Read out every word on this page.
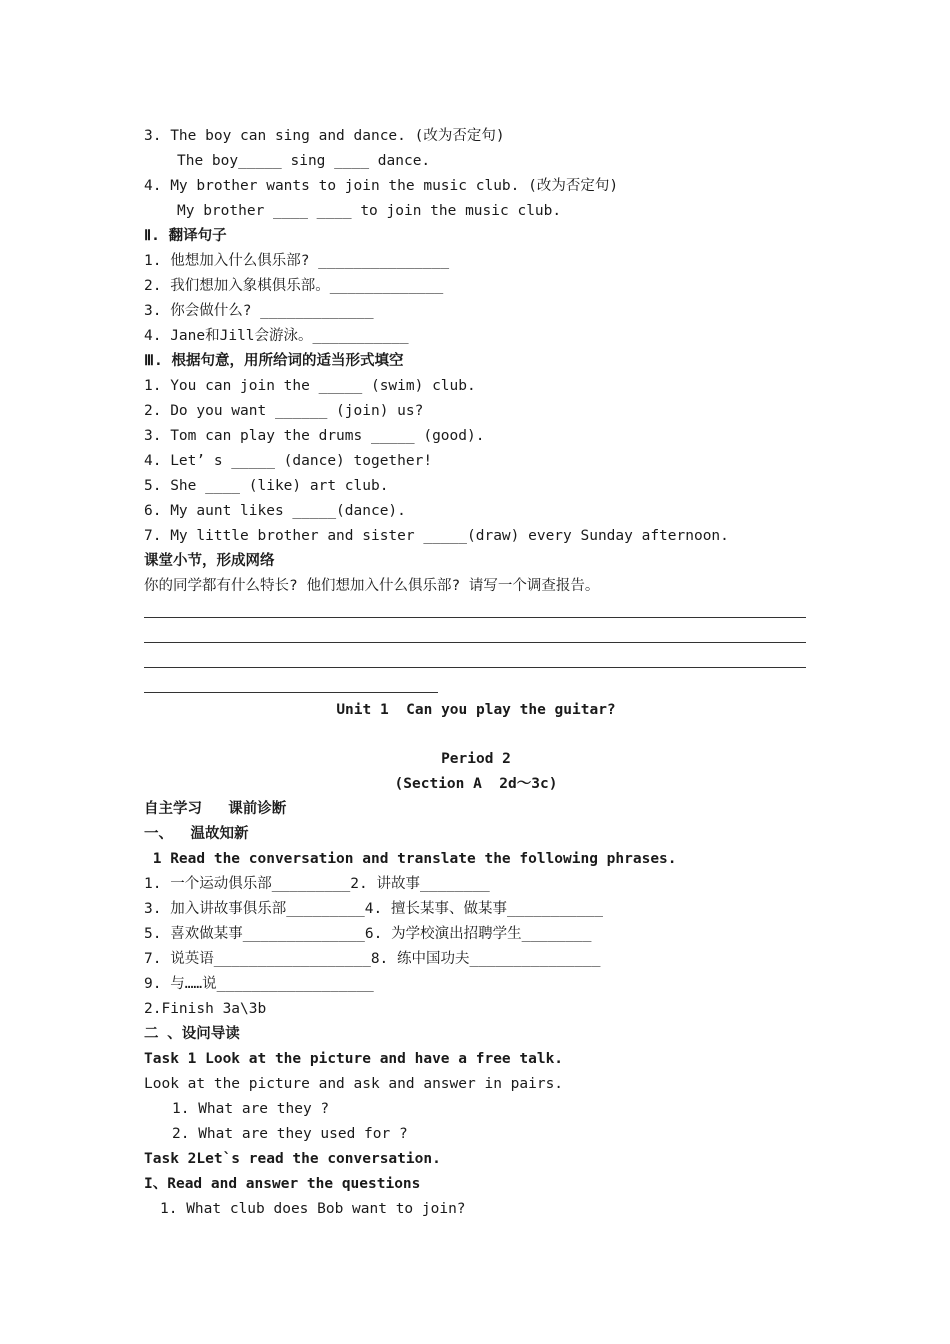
3. The boy can sing and dance. (改为否定句)
The boy_____ sing ____ dance.
4. My brother wants to join the music club. (改为否定句)
My brother ____ ____ to join the music club.
Ⅱ. 翻译句子
1. 他想加入什么俱乐部? _______________
2. 我们想加入象棋俱乐部。_____________
3. 你会做什么? _____________
4. Jane和Jill会游泳。___________
Ⅲ. 根据句意，用所给词的适当形式填空
1. You can join the _____ (swim) club.
2. Do you want ______ (join) us?
3. Tom can play the drums _____ (good).
4. Let’ s _____ (dance) together!
5. She ____ (like) art club.
6. My aunt likes _____(dance).
7. My little brother and sister _____(draw) every Sunday afternoon.
课堂小节，形成网络
你的同学都有什么特长? 他们想加入什么俱乐部? 请写一个调查报告。
Unit 1  Can you play the guitar?
Period 2
(Section A  2d～3c)
自主学习   课前诊断
一、  温故知新
1 Read the conversation and translate the following phrases.
1. 一个运动俱乐部_________2. 讲故事________
3. 加入讲故事俱乐部_________4. 擅长某事、做某事___________
5. 喜欢做某事______________6. 为学校演出招聘学生________
7. 说英语__________________8. 练中国功夫_______________
9. 与……说__________________
2.Finish 3a\3b
二 、设问导读
Task 1 Look at the picture and have a free talk.
Look at the picture and ask and answer in pairs.
1. What are they ?
2. What are they used for ?
Task 2Let`s read the conversation.
I、Read and answer the questions
1. What club does Bob want to join?
